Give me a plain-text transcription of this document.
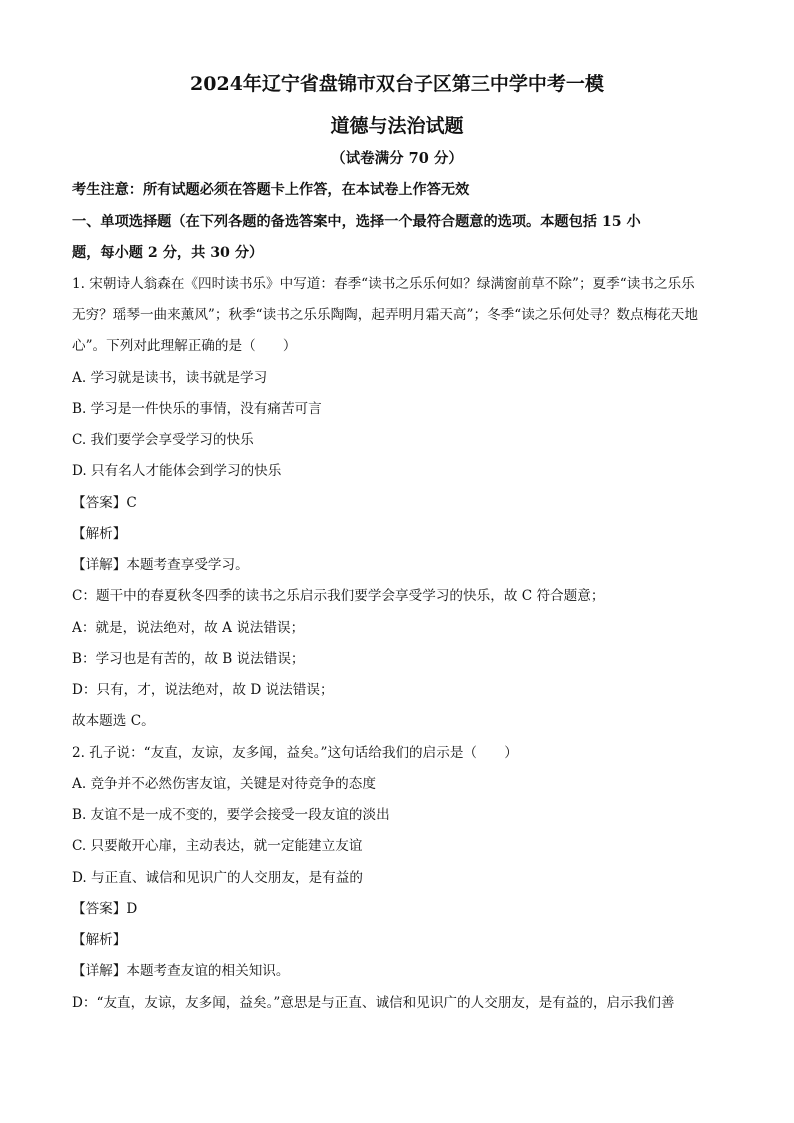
2024年辽宁省盘锦市双台子区第三中学中考一模
道德与法治试题
（试卷满分 70 分）
考生注意：所有试题必须在答题卡上作答，在本试卷上作答无效
一、单项选择题（在下列各题的备选答案中，选择一个最符合题意的选项。本题包括 15 小
题，每小题 2 分，共 30 分）
1. 宋朝诗人翁森在《四时读书乐》中写道：春季“读书之乐乐何如？绿满窗前草不除”；夏季“读书之乐乐
无穷？瑶琴一曲来薰风”；秋季“读书之乐乐陶陶，起弄明月霜天高”；冬季“读之乐何处寻？数点梅花天地
心”。下列对此理解正确的是（　　）
A. 学习就是读书，读书就是学习
B. 学习是一件快乐的事情，没有痛苦可言
C. 我们要学会享受学习的快乐
D. 只有名人才能体会到学习的快乐
【答案】C
【解析】
【详解】本题考查享受学习。
C：题干中的春夏秋冬四季的读书之乐启示我们要学会享受学习的快乐，故 C 符合题意；
A：就是，说法绝对，故 A 说法错误；
B：学习也是有苦的，故 B 说法错误；
D：只有，才，说法绝对，故 D 说法错误；
故本题选 C。
2. 孔子说：“友直，友谅，友多闻，益矣。”这句话给我们的启示是（　　）
A. 竞争并不必然伤害友谊，关键是对待竞争的态度
B. 友谊不是一成不变的，要学会接受一段友谊的淡出
C. 只要敞开心扉，主动表达，就一定能建立友谊
D. 与正直、诚信和见识广的人交朋友，是有益的
【答案】D
【解析】
【详解】本题考查友谊的相关知识。
D：“友直，友谅，友多闻，益矣。”意思是与正直、诚信和见识广的人交朋友，是有益的，启示我们善
